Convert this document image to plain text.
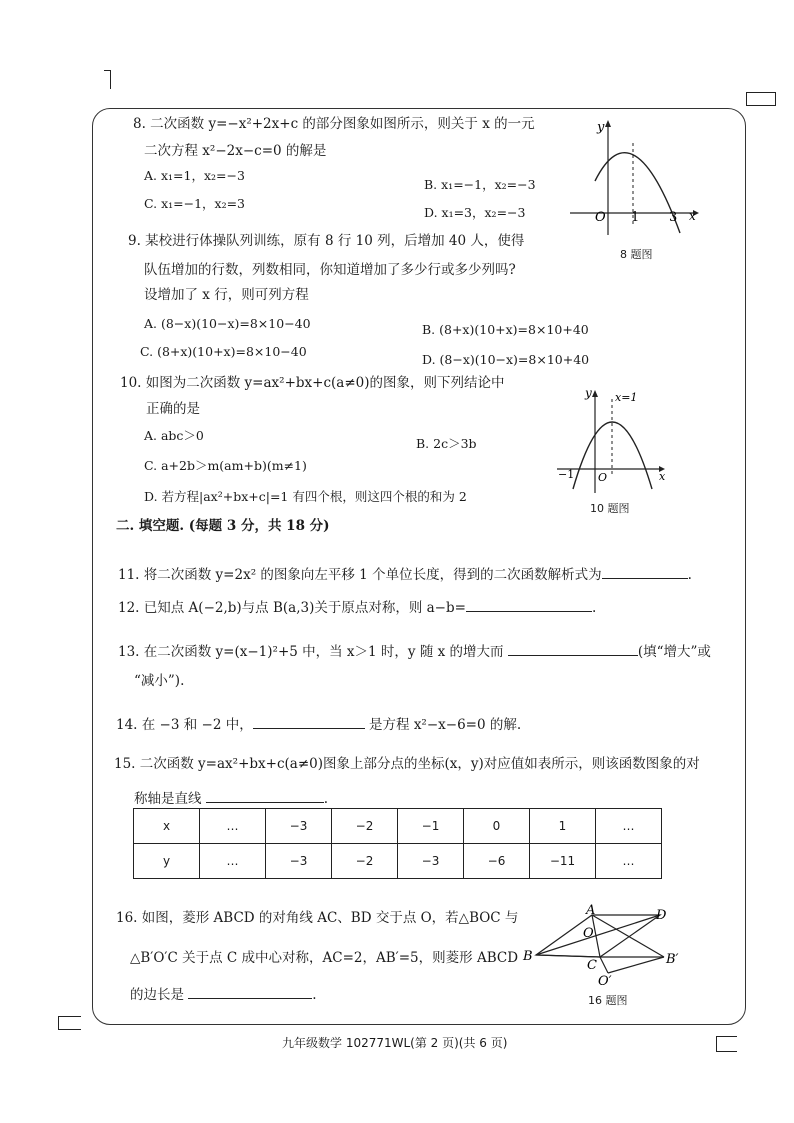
8. 二次函数 y=−x²+2x+c 的部分图象如图所示，则关于 x 的一元
二次方程 x²−2x−c=0 的解是
A. x₁=1，x₂=−3
B. x₁=−1，x₂=−3
C. x₁=−1，x₂=3
D. x₁=3，x₂=−3
y
x
O 1 3
8 题图
9. 某校进行体操队列训练，原有 8 行 10 列，后增加 40 人，使得
队伍增加的行数，列数相同，你知道增加了多少行或多少列吗?
设增加了 x 行，则可列方程
A. (8−x)(10−x)=8×10−40	B. (8+x)(10+x)=8×10+40
C. (8+x)(10+x)=8×10−40
D. (8−x)(10−x)=8×10+40
10. 如图为二次函数 y=ax²+bx+c(a≠0)的图象，则下列结论中
正确的是
A. abc＞0
B. 2c＞3b
C. a+2b＞m(am+b)(m≠1)
D. 若方程|ax²+bx+c|=1 有四个根，则这四个根的和为 2
y x=1
−1 O	x
10 题图
二. 填空题. (每题 3 分，共 18 分)
11. 将二次函数 y=2x² 的图象向左平移 1 个单位长度，得到的二次函数解析式为	.
12. 已知点 A(−2,b)与点 B(a,3)关于原点对称，则 a−b=	.
13. 在二次函数 y=(x−1)²+5 中，当 x＞1 时，y 随 x 的增大而	(填“增大”或
“减小”).
14. 在 −3 和 −2 中，	是方程 x²−x−6=0 的解.
15. 二次函数 y=ax²+bx+c(a≠0)图象上部分点的坐标(x，y)对应值如表所示，则该函数图象的对
称轴是直线	.
x	…	−3	−2	−1	0	1	…
y	…	−3	−2	−3	−6	−11	…
16. 如图，菱形 ABCD 的对角线 AC、BD 交于点 O，若△BOC 与
△B′O′C 关于点 C 成中心对称，AC=2，AB′=5，则菱形 ABCD
的边长是	.
A	D
O
B
C	B′
O′
16 题图
九年级数学 102771WL(第 2 页)(共 6 页)
